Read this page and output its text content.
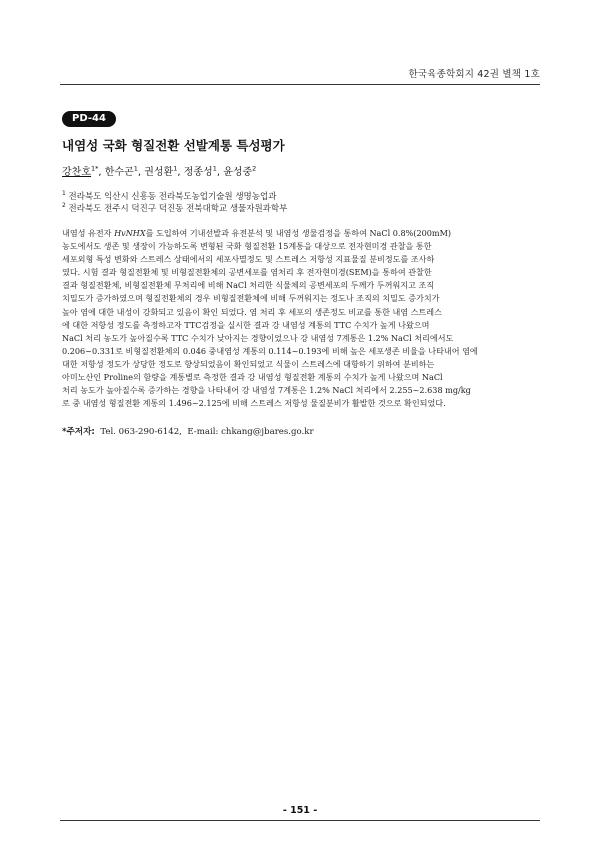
한국육종학회지 42권 별책 1호
PD-44
내염성 국화 형질전환 선발계통 특성평가
강찬호$^{1*}$, 한수곤$^1$, 권성환$^1$, 정종성$^1$, 윤성중$^2$
$^1$ 전라북도 익산시 신흥동 전라북도농업기술원 생명농업과
$^2$ 전라북도 전주시 덕진구 덕진동 전북대학교 생물자원과학부
내염성 유전자 HvNHX를 도입하여 기내선발과 유전분석 및 내염성 생물검정을 통하여 NaCl 0.8%(200mM)
농도에서도 생존 및 생장이 가능하도록 변형된 국화 형질전환 15계통을 대상으로 전자현미경 관찰을 통한
세포외형 특성 변화와 스트레스 상태에서의 세포사멸정도 및 스트레스 저항성 지표물질 분비정도를 조사하
였다. 시험 결과 형질전환체 및 비형질전환체의 공변세포를 염처리 후 전자현미경(SEM)을 통하여 관찰한
결과 형질전환체, 비형질전환체 무처리에 비해 NaCl 처리한 식물체의 공변세포의 두께가 두꺼워지고 조직
치밀도가 증가하였으며 형질전환체의 경우 비형질전환체에 비해 두꺼워지는 정도나 조직의 치밀도 증가치가
높아 염에 대한 내성이 강화되고 있음이 확인 되었다. 염 처리 후 세포의 생존정도 비교를 통한 내염 스트레스
에 대한 저항성 정도를 측정하고자 TTC검정을 실시한 결과 강 내염성 계통의 TTC 수치가 높게 나왔으며
NaCl 처리 농도가 높아질수록 TTC 수치가 낮아지는 경향이었으나 강 내염성 7계통은 1.2% NaCl 처리에서도
0.206~0.331로 비형질전환체의 0.046 중내염성 계통의 0.114~0.193에 비해 높은 세포생존 비율을 나타내어 염에
대한 저항성 정도가 상당한 정도로 향상되었음이 확인되었고 식물이 스트레스에 대항하기 위하여 분비하는
아미노산인 Proline의 함량을 계통별로 측정한 결과 강 내염성 형질전환 계통의 수치가 높게 나왔으며 NaCl
처리 농도가 높아질수록 증가하는 경향을 나타내어 강 내염성 7계통은 1.2% NaCl 처리에서 2.255~2.638 mg/kg
로 중 내염성 형질전환 계통의 1.496~2.125에 비해 스트레스 저항성 물질분비가 활발한 것으로 확인되었다.
*주저자: Tel. 063-290-6142, E-mail: chkang@jbares.go.kr
- 151 -
